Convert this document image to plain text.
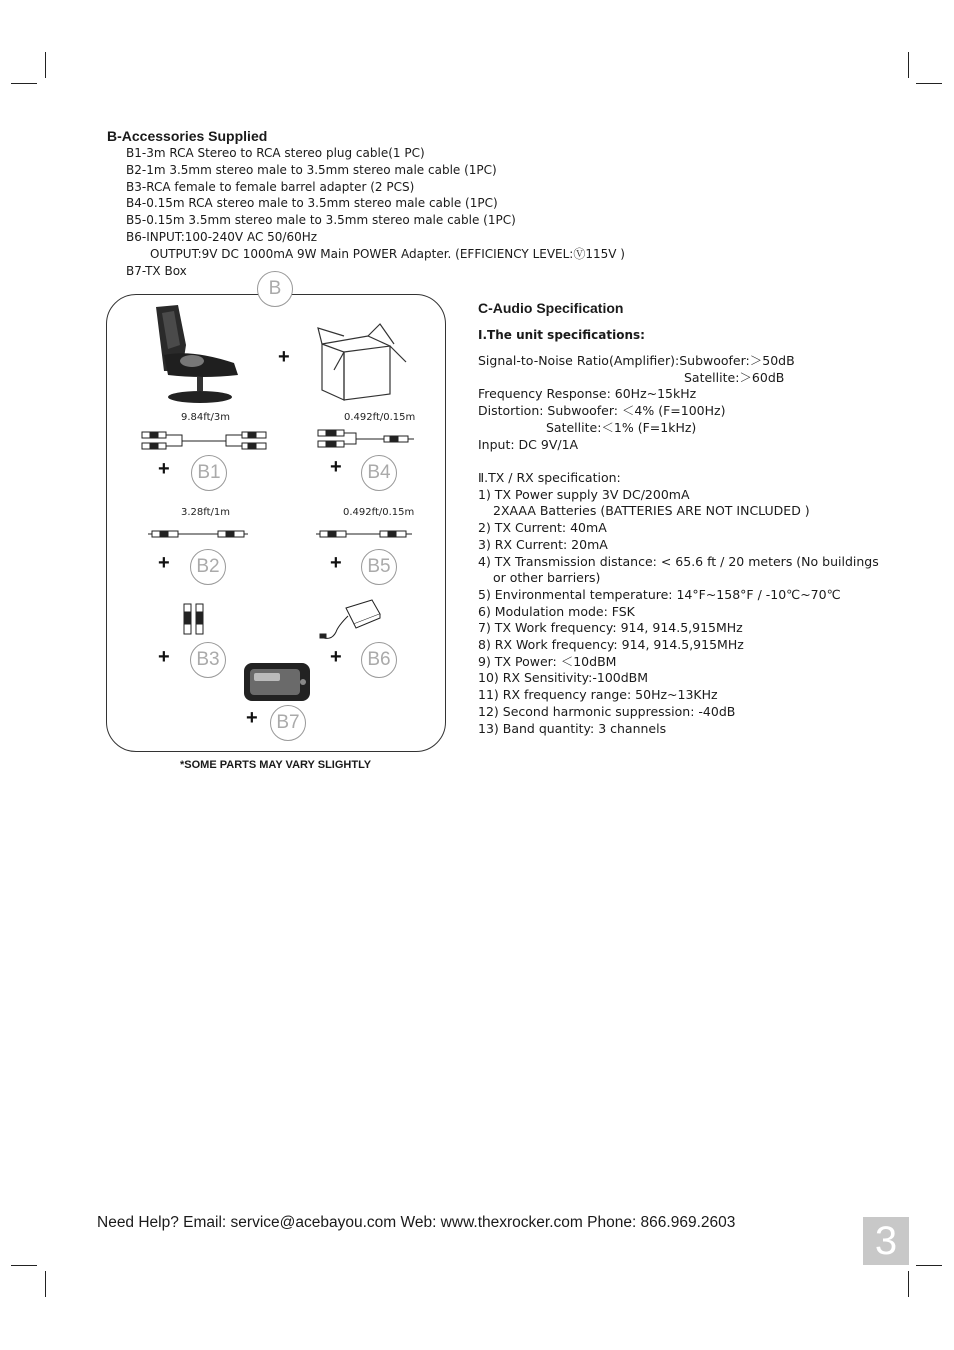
B-Accessories Supplied
B1-3m RCA Stereo to RCA stereo plug cable(1 PC)
B2-1m 3.5mm stereo male to 3.5mm stereo male cable (1PC)
B3-RCA female to female barrel adapter (2 PCS)
B4-0.15m RCA stereo male to 3.5mm stereo male cable (1PC)
B5-0.15m 3.5mm stereo male to 3.5mm stereo male cable (1PC)
B6-INPUT:100-240V AC 50/60Hz
OUTPUT:9V DC 1000mA 9W Main POWER Adapter. (EFFICIENCY LEVEL:Ⓥ115V )
B7-TX Box
B
+
9.84ft/3m	0.492ft/0.15m
3.28ft/1m	0.492ft/0.15m
+	B1	+	B4
+	B2	+	B5
+	B3	+	B6
+ B7
*SOME PARTS MAY VARY SLIGHTLY
C-Audio Specification
Ⅰ.The unit specifications:
Signal-to-Noise Ratio(Amplifier):Subwoofer:＞50dB
Satellite:＞60dB
Frequency Response: 60Hz~15kHz
Distortion: Subwoofer: ＜4% (F=100Hz)
Satellite:＜1% (F=1kHz)
Input: DC 9V/1A
Ⅱ.TX / RX specification:
1) TX Power supply 3V DC/200mA
2XAAA Batteries (BATTERIES ARE NOT INCLUDED )
2) TX Current: 40mA
3) RX Current: 20mA
4) TX Transmission distance: < 65.6 ft / 20 meters (No buildings
or other barriers)
5) Environmental temperature: 14°F~158°F / -10℃~70℃
6) Modulation mode: FSK
7) TX Work frequency: 914, 914.5,915MHz
8) RX Work frequency: 914, 914.5,915MHz
9) TX Power: ＜10dBM
10) RX Sensitivity:-100dBM
11) RX frequency range: 50Hz~13KHz
12) Second harmonic suppression: -40dB
13) Band quantity: 3 channels
Need Help? Email: service@acebayou.com Web: www.thexrocker.com Phone: 866.969.2603	3
